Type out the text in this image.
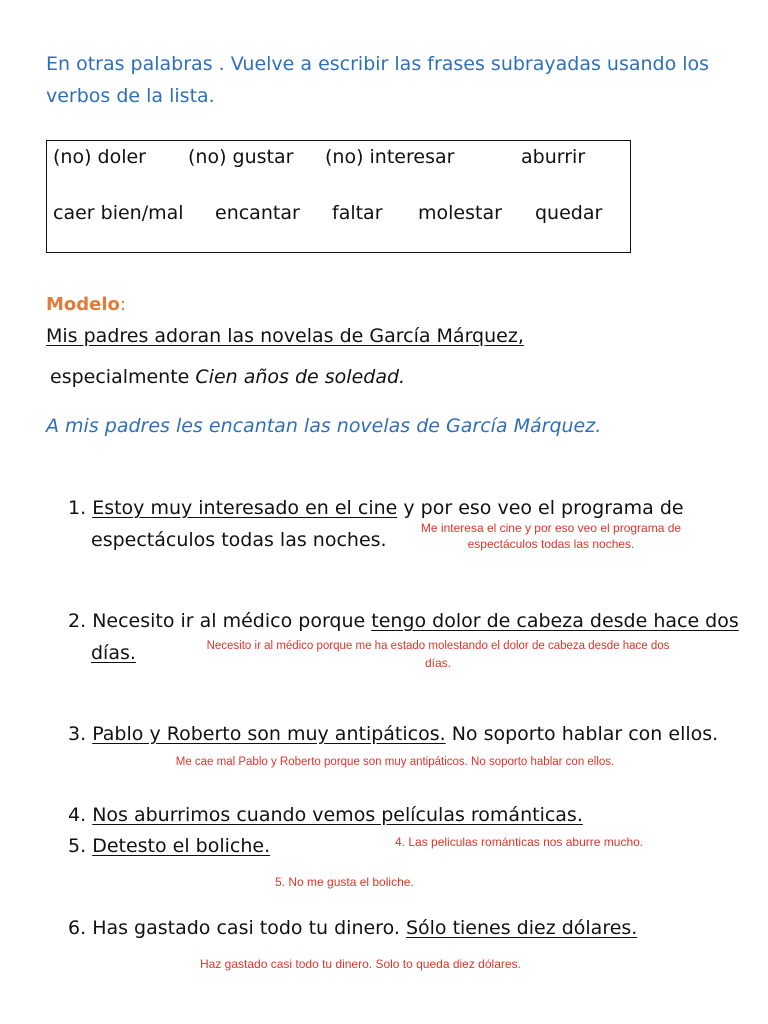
En otras palabras . Vuelve a escribir las frases subrayadas usando los
verbos de la lista.
(no) doler (no) gustar (no) interesar	aburrir
caer bien/mal encantar faltar molestar quedar
Modelo:
Mis padres adoran las novelas de García Márquez,
especialmente Cien años de soledad.
A mis padres les encantan las novelas de García Márquez.
1. Estoy muy interesado en el cine y por eso veo el programa de
espectáculos todas las noches.
Me interesa el cine y por eso veo el programa de
espectáculos todas las noches.
2. Necesito ir al médico porque tengo dolor de cabeza desde hace dos
días.	Necesito ir al médico porque me ha estado molestando el dolor de cabeza desde hace dos
días.
3. Pablo y Roberto son muy antipáticos. No soporto hablar con ellos.
Me cae mal Pablo y Roberto porque son muy antipáticos. No soporto hablar con ellos.
4. Nos aburrimos cuando vemos películas románticas.
5. Detesto el boliche.	4. Las peliculas románticas nos aburre mucho.
5. No me gusta el boliche.
6. Has gastado casi todo tu dinero. Sólo tienes diez dólares.
Haz gastado casi todo tu dinero. Solo to queda diez dólares.
